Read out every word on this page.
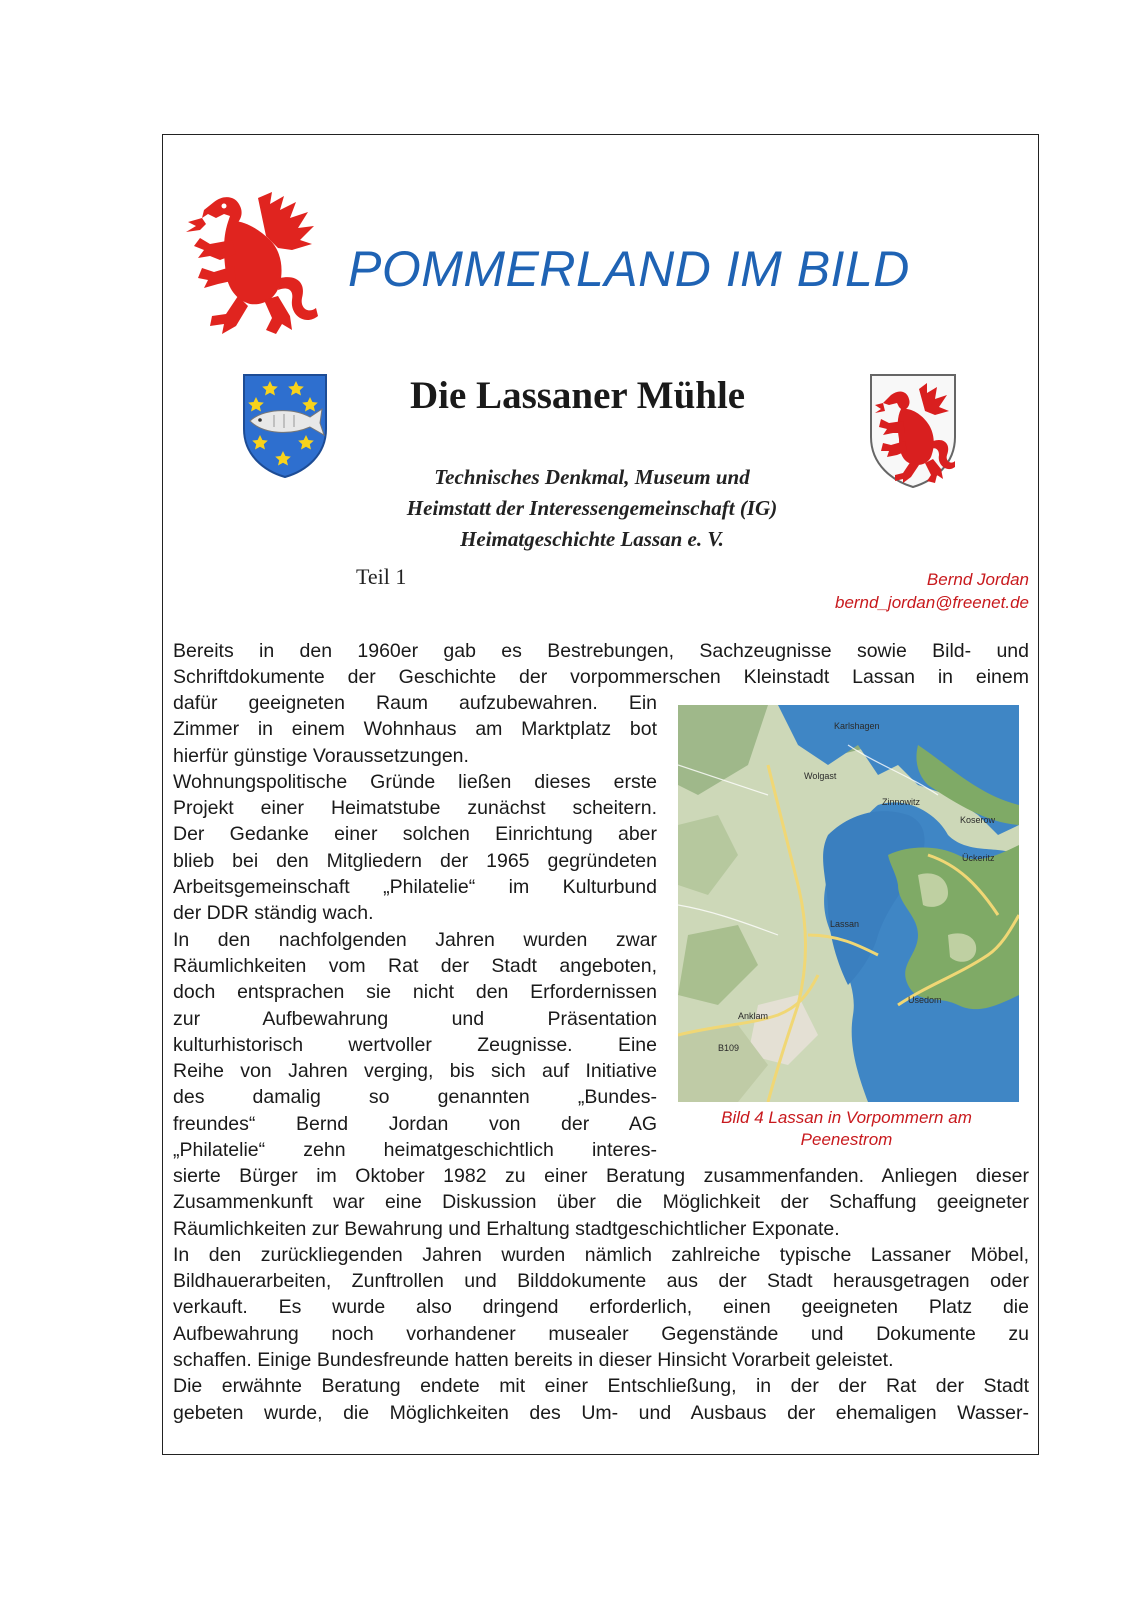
POMMERLAND IM BILD
Die Lassaner Mühle
Technisches Denkmal, Museum und
Heimstatt der Interessengemeinschaft (IG)
Heimatgeschichte Lassan e. V.
Teil 1	Bernd Jordan
bernd_jordan@freenet.de
Bereits in den 1960er gab es Bestrebungen, Sachzeugnisse sowie Bild- und
Schriftdokumente der Geschichte der vorpommerschen Kleinstadt Lassan in einem
dafür geeigneten Raum aufzubewahren. Ein
Zimmer in einem Wohnhaus am Marktplatz bot
hierfür günstige Voraussetzungen.
Wohnungspolitische Gründe ließen dieses erste
Projekt einer Heimatstube zunächst scheitern.
Der Gedanke einer solchen Einrichtung aber
blieb bei den Mitgliedern der 1965 gegründeten
Arbeitsgemeinschaft „Philatelie“ im Kulturbund
der DDR ständig wach.
In den nachfolgenden Jahren wurden zwar
Räumlichkeiten vom Rat der Stadt angeboten,
doch entsprachen sie nicht den Erfordernissen
zur Aufbewahrung und Präsentation
kulturhistorisch wertvoller Zeugnisse. Eine
Reihe von Jahren verging, bis sich auf Initiative
des damalig so genannten „Bundes-
freundes“ Bernd Jordan von der AG
„Philatelie“ zehn heimatgeschichtlich interes-
Zinnowitz
Wolgast
Koserow
Ückeritz
Lassan
Anklam
Usedom
Karlshagen
B109
Bild 4 Lassan in Vorpommern am
Peenestrom
sierte Bürger im Oktober 1982 zu einer Beratung zusammenfanden. Anliegen dieser
Zusammenkunft war eine Diskussion über die Möglichkeit der Schaffung geeigneter
Räumlichkeiten zur Bewahrung und Erhaltung stadtgeschichtlicher Exponate.
In den zurückliegenden Jahren wurden nämlich zahlreiche typische Lassaner Möbel,
Bildhauerarbeiten, Zunftrollen und Bilddokumente aus der Stadt herausgetragen oder
verkauft. Es wurde also dringend erforderlich, einen geeigneten Platz die
Aufbewahrung noch vorhandener musealer Gegenstände und Dokumente zu
schaffen. Einige Bundesfreunde hatten bereits in dieser Hinsicht Vorarbeit geleistet.
Die erwähnte Beratung endete mit einer Entschließung, in der der Rat der Stadt
gebeten wurde, die Möglichkeiten des Um- und Ausbaus der ehemaligen Wasser-
